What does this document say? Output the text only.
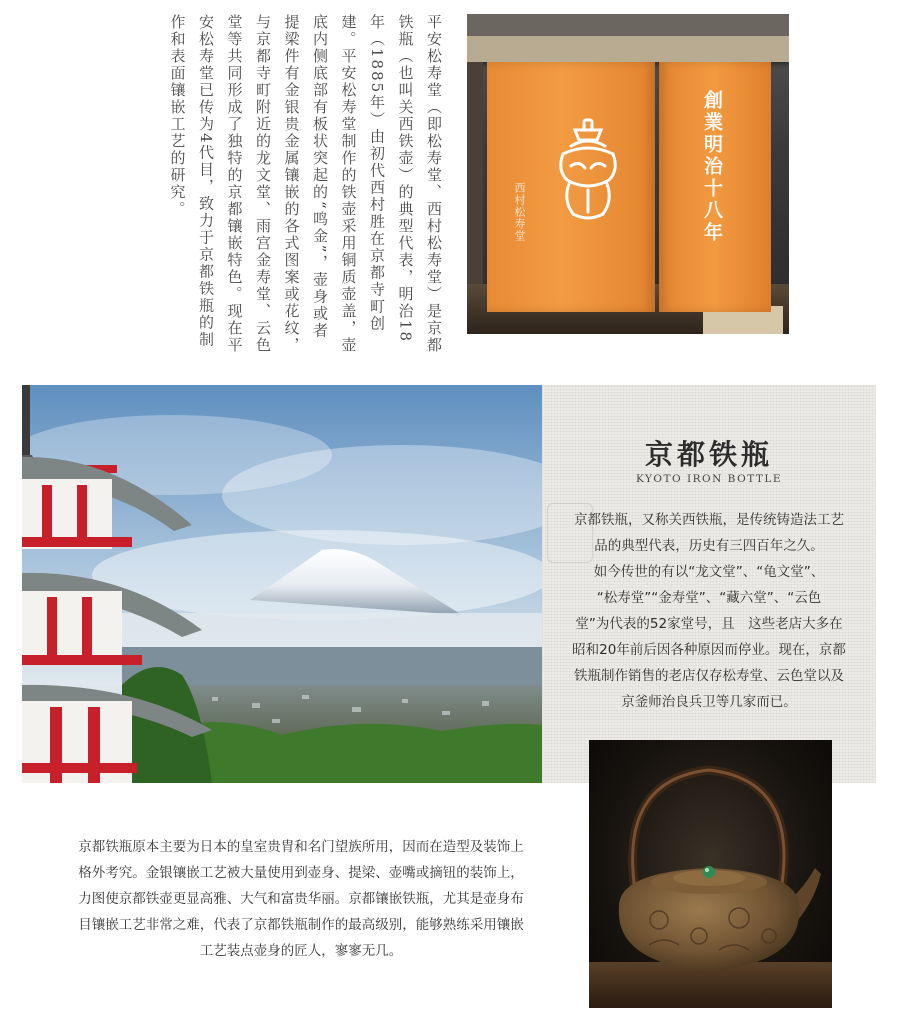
平安松寿堂（即松寿堂、西村松寿堂）是京都铁瓶（也叫关西铁壶）的典型代表，明治18年（1885年）由初代西村胜在京都寺町创建。平安松寿堂制作的铁壶采用铜质壶盖，壶底内侧底部有板状突起的“鸣金”，壶身或者提梁件有金银贵金属镶嵌的各式图案或花纹，与京都寺町附近的龙文堂、雨宫金寿堂、云色堂等共同形成了独特的京都镶嵌特色。现在平安松寿堂已传为4代目，致力于京都铁瓶的制作和表面镶嵌工艺的研究。	西村松寿堂	創業明治十八年
京都铁瓶
KYOTO IRON BOTTLE
京都铁瓶，又称关西铁瓶，是传统铸造法工艺
品的典型代表，历史有三四百年之久。
如今传世的有以“龙文堂”、“龟文堂”、
“松寿堂”“金寿堂”、“藏六堂”、“云色
堂”为代表的52家堂号，且　这些老店大多在
昭和20年前后因各种原因而停业。现在，京都
铁瓶制作销售的老店仅存松寿堂、云色堂以及
京釜师治良兵卫等几家而已。
京都铁瓶原本主要为日本的皇室贵胄和名门望族所用，因而在造型及装饰上
格外考究。金银镶嵌工艺被大量使用到壶身、提梁、壶嘴或摘钮的装饰上，
力图使京都铁壶更显高雅、大气和富贵华丽。京都镶嵌铁瓶，尤其是壶身布
目镶嵌工艺非常之难，代表了京都铁瓶制作的最高级别，能够熟练采用镶嵌
工艺装点壶身的匠人，寥寥无几。
